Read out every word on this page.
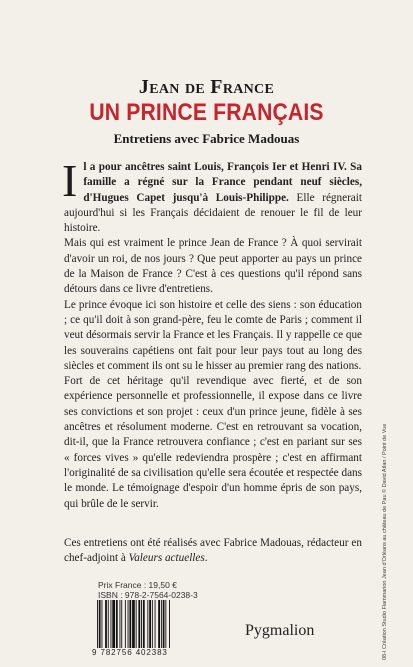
Jean de France
UN PRINCE FRANÇAIS
Entretiens avec Fabrice Madouas

Il a pour ancêtres saint Louis, François Ier et Henri IV. Sa famille a régné sur la France pendant neuf siècles, d'Hugues Capet jusqu'à Louis-Philippe. Elle régnerait aujourd'hui si les Français décidaient de renouer le fil de leur histoire.

Mais qui est vraiment le prince Jean de France ? À quoi servirait d'avoir un roi, de nos jours ? Que peut apporter au pays un prince de la Maison de France ? C'est à ces questions qu'il répond sans détours dans ce livre d'entretiens.

Le prince évoque ici son histoire et celle des siens : son éducation ; ce qu'il doit à son grand-père, feu le comte de Paris ; comment il veut désormais servir la France et les Français. Il y rappelle ce que les souverains capétiens ont fait pour leur pays tout au long des siècles et comment ils ont su le hisser au premier rang des nations.

Fort de cet héritage qu'il revendique avec fierté, et de son expérience personnelle et professionnelle, il expose dans ce livre ses convictions et son projet : ceux d'un prince jeune, fidèle à ses ancêtres et résolument moderne. C'est en retrouvant sa vocation, dit-il, que la France retrouvera confiance ; c'est en pariant sur ses « forces vives » qu'elle redeviendra prospère ; c'est en affirmant l'originalité de sa civilisation qu'elle sera écoutée et respectée dans le monde. Le témoignage d'espoir d'un homme épris de son pays, qui brûle de le servir.

Ces entretiens ont été réalisés avec Fabrice Madouas, rédacteur en chef-adjoint à Valeurs actuelles.

Prix France : 19,50 €
ISBN : 978-2-7564-0238-3
9 782756 402383
Pygmalion	08-I Création Studio Flammarion Jean d'Orléans au château de Pau © David Atlan / Point de Vue
